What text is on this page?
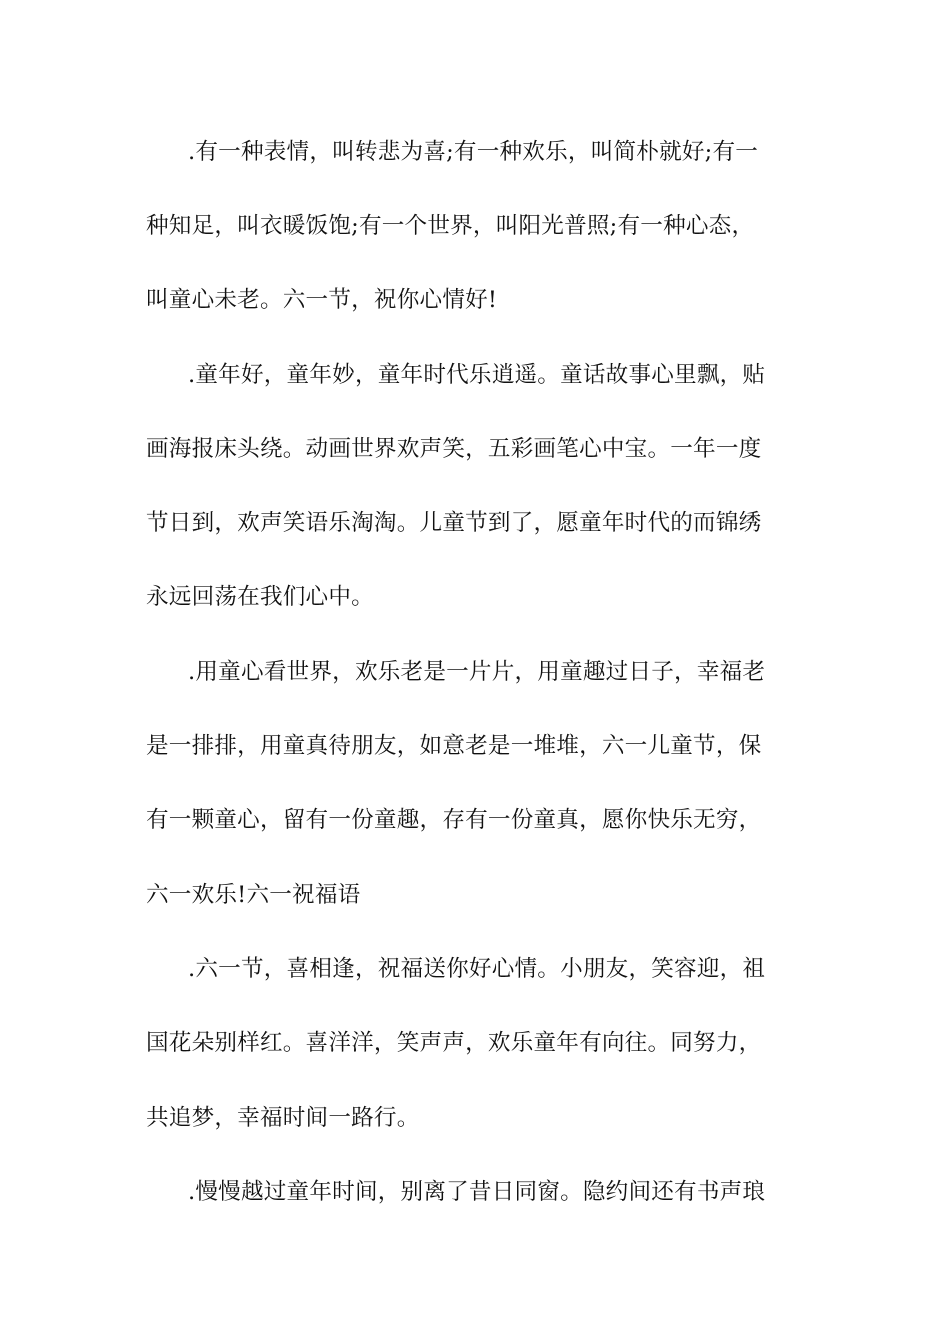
.有一种表情，叫转悲为喜;有一种欢乐，叫简朴就好;有一
种知足，叫衣暖饭饱;有一个世界，叫阳光普照;有一种心态，
叫童心未老。六一节，祝你心情好!
.童年好，童年妙，童年时代乐逍遥。童话故事心里飘，贴
画海报床头绕。动画世界欢声笑，五彩画笔心中宝。一年一度
节日到，欢声笑语乐淘淘。儿童节到了，愿童年时代的而锦绣
永远回荡在我们心中。
.用童心看世界，欢乐老是一片片，用童趣过日子，幸福老
是一排排，用童真待朋友，如意老是一堆堆，六一儿童节，保
有一颗童心，留有一份童趣，存有一份童真，愿你快乐无穷，
六一欢乐!六一祝福语
.六一节，喜相逢，祝福送你好心情。小朋友，笑容迎，祖
国花朵别样红。喜洋洋，笑声声，欢乐童年有向往。同努力，
共追梦，幸福时间一路行。
.慢慢越过童年时间，别离了昔日同窗。隐约间还有书声琅
